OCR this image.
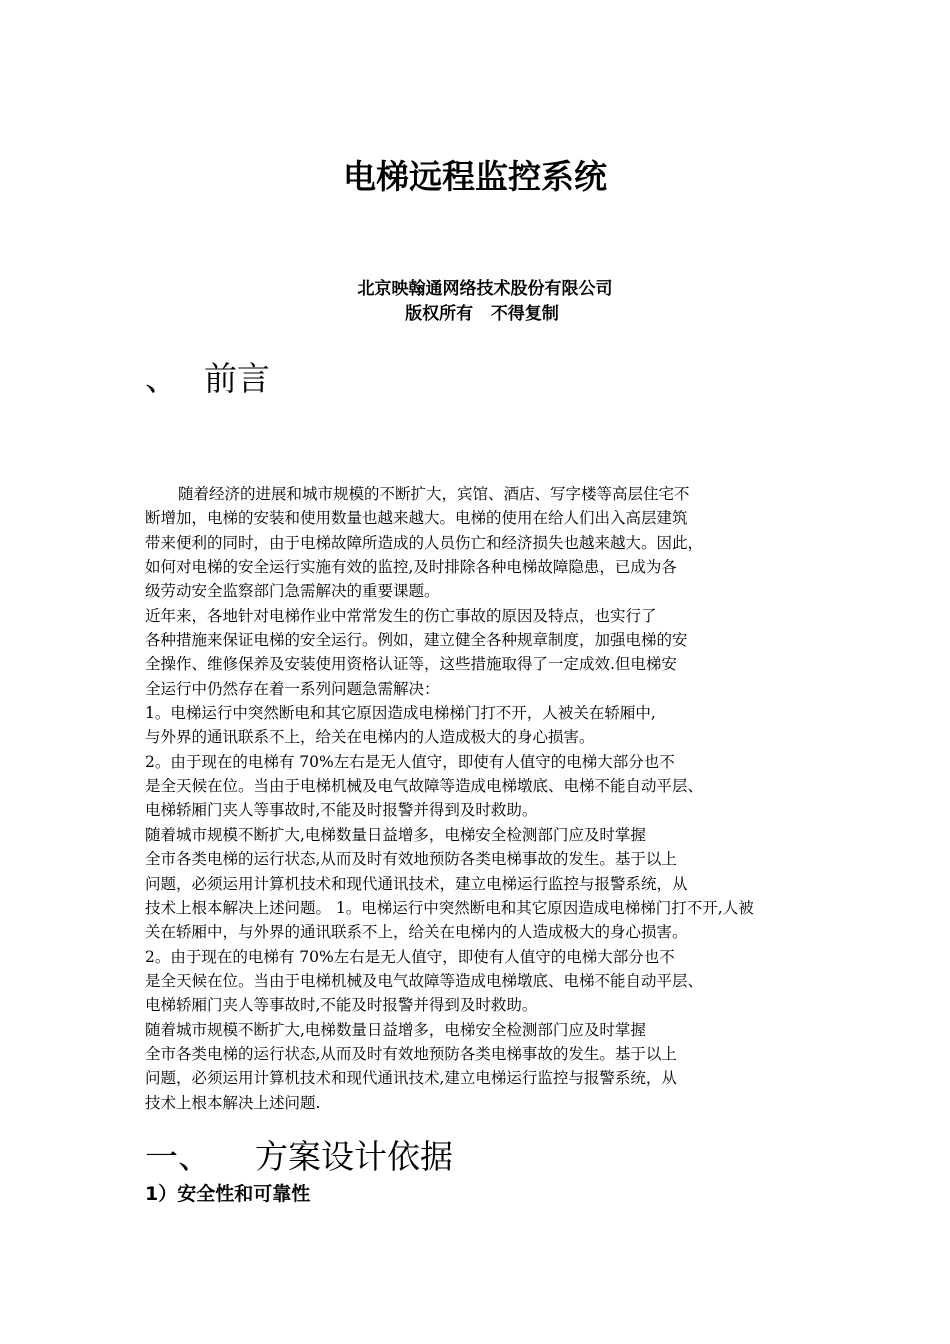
电梯远程监控系统
北京映翰通网络技术股份有限公司
版权所有   不得复制
、 前言
随着经济的进展和城市规模的不断扩大，宾馆、酒店、写字楼等高层住宅不
断增加，电梯的安装和使用数量也越来越大。电梯的使用在给人们出入高层建筑
带来便利的同时，由于电梯故障所造成的人员伤亡和经济损失也越来越大。因此，
如何对电梯的安全运行实施有效的监控,及时排除各种电梯故障隐患，已成为各
级劳动安全监察部门急需解决的重要课题。
近年来，各地针对电梯作业中常常发生的伤亡事故的原因及特点，也实行了
各种措施来保证电梯的安全运行。例如，建立健全各种规章制度，加强电梯的安
全操作、维修保养及安装使用资格认证等，这些措施取得了一定成效.但电梯安
全运行中仍然存在着一系列问题急需解决：
1。电梯运行中突然断电和其它原因造成电梯梯门打不开，人被关在轿厢中,
与外界的通讯联系不上，给关在电梯内的人造成极大的身心损害。
2。由于现在的电梯有 70%左右是无人值守，即使有人值守的电梯大部分也不
是全天候在位。当由于电梯机械及电气故障等造成电梯墩底、电梯不能自动平层、
电梯轿厢门夹人等事故时,不能及时报警并得到及时救助。
随着城市规模不断扩大,电梯数量日益增多，电梯安全检测部门应及时掌握
全市各类电梯的运行状态,从而及时有效地预防各类电梯事故的发生。基于以上
问题，必须运用计算机技术和现代通讯技术，建立电梯运行监控与报警系统，从
技术上根本解决上述问题。 1。电梯运行中突然断电和其它原因造成电梯梯门打不开,人被
关在轿厢中，与外界的通讯联系不上，给关在电梯内的人造成极大的身心损害。
2。由于现在的电梯有 70%左右是无人值守，即使有人值守的电梯大部分也不
是全天候在位。当由于电梯机械及电气故障等造成电梯墩底、电梯不能自动平层、
电梯轿厢门夹人等事故时,不能及时报警并得到及时救助。
随着城市规模不断扩大,电梯数量日益增多，电梯安全检测部门应及时掌握
全市各类电梯的运行状态,从而及时有效地预防各类电梯事故的发生。基于以上
问题，必须运用计算机技术和现代通讯技术,建立电梯运行监控与报警系统，从
技术上根本解决上述问题.
一、 方案设计依据
1）安全性和可靠性
